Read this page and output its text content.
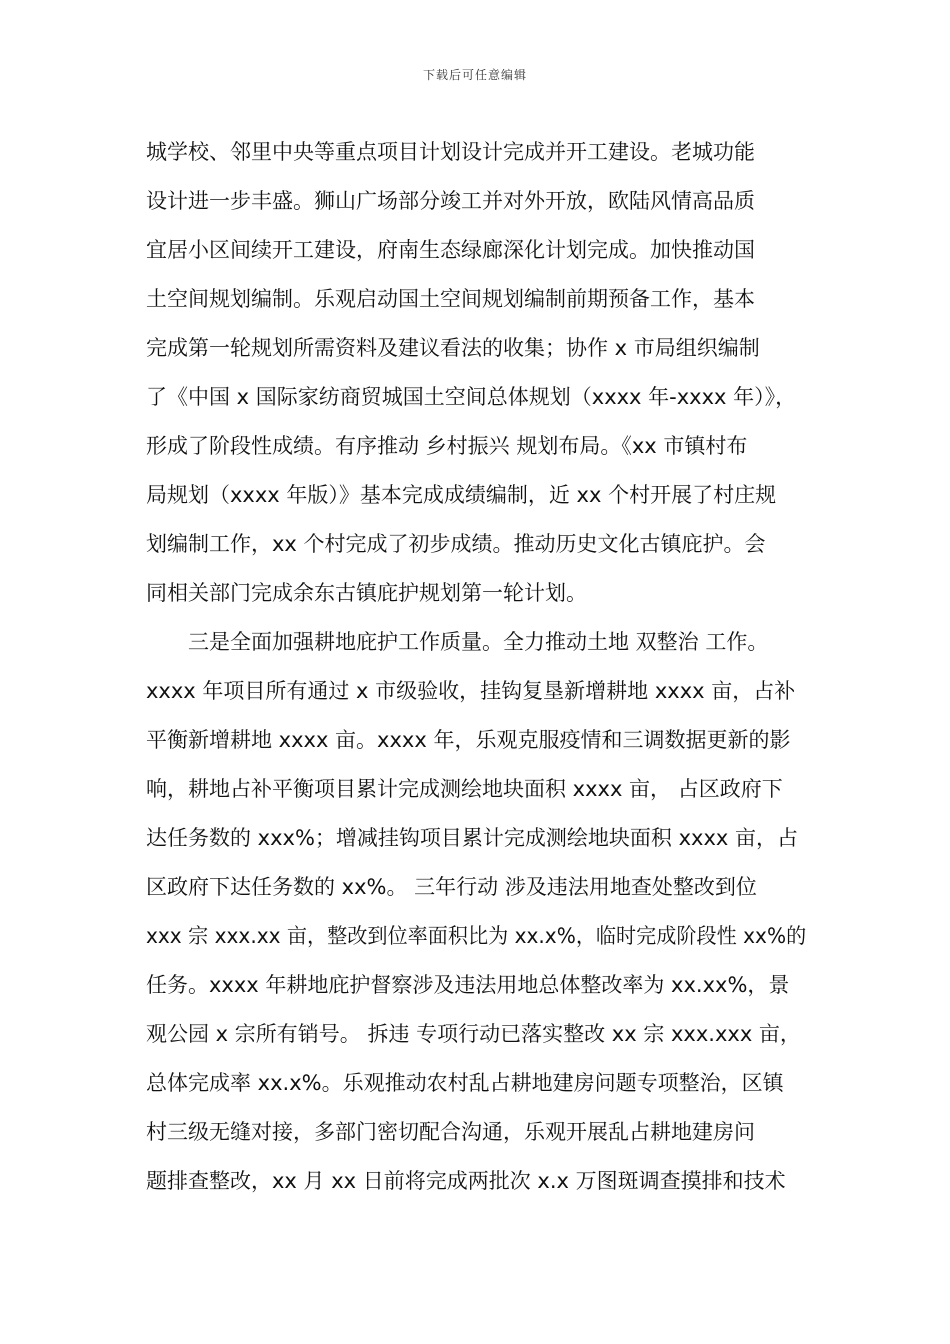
下载后可任意编辑
城学校、邻里中央等重点项目计划设计完成并开工建设。老城功能
设计进一步丰盛。狮山广场部分竣工并对外开放，欧陆风情高品质
宜居小区间续开工建设，府南生态绿廊深化计划完成。加快推动国
土空间规划编制。乐观启动国土空间规划编制前期预备工作，基本
完成第一轮规划所需资料及建议看法的收集；协作 x 市局组织编制
了《中国 x 国际家纺商贸城国土空间总体规划（xxxx 年-xxxx 年）》，
形成了阶段性成绩。有序推动 乡村振兴 规划布局。《xx 市镇村布
局规划（xxxx 年版）》基本完成成绩编制，近 xx 个村开展了村庄规
划编制工作，xx 个村完成了初步成绩。推动历史文化古镇庇护。会
同相关部门完成余东古镇庇护规划第一轮计划。
三是全面加强耕地庇护工作质量。全力推动土地 双整治 工作。
xxxx 年项目所有通过 x 市级验收，挂钩复垦新增耕地 xxxx 亩，占补
平衡新增耕地 xxxx 亩。xxxx 年，乐观克服疫情和三调数据更新的影
响，耕地占补平衡项目累计完成测绘地块面积 xxxx 亩， 占区政府下
达任务数的 xxx%；增减挂钩项目累计完成测绘地块面积 xxxx 亩，占
区政府下达任务数的 xx%。 三年行动 涉及违法用地查处整改到位
xxx 宗 xxx.xx 亩，整改到位率面积比为 xx.x%，临时完成阶段性 xx%的
任务。xxxx 年耕地庇护督察涉及违法用地总体整改率为 xx.xx%，景
观公园 x 宗所有销号。 拆违 专项行动已落实整改 xx 宗 xxx.xxx 亩，
总体完成率 xx.x%。乐观推动农村乱占耕地建房问题专项整治，区镇
村三级无缝对接，多部门密切配合沟通，乐观开展乱占耕地建房问
题排查整改，xx 月 xx 日前将完成两批次 x.x 万图斑调查摸排和技术
